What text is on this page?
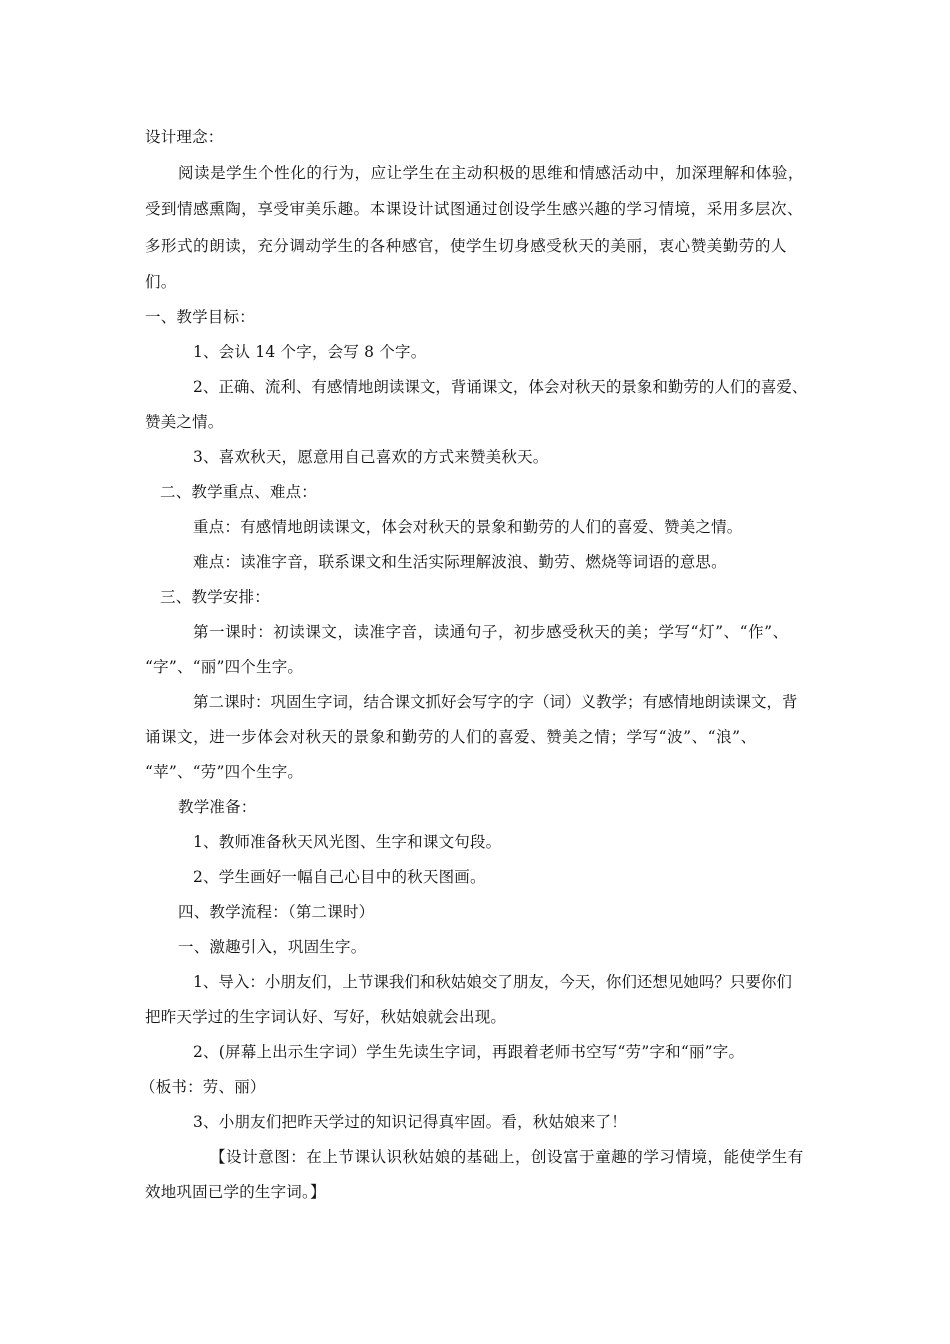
设计理念：
阅读是学生个性化的行为，应让学生在主动积极的思维和情感活动中，加深理解和体验，
受到情感熏陶，享受审美乐趣。本课设计试图通过创设学生感兴趣的学习情境，采用多层次、
多形式的朗读，充分调动学生的各种感官，使学生切身感受秋天的美丽，衷心赞美勤劳的人
们。
一、教学目标：
1、会认 14 个字，会写 8 个字。
2、正确、流利、有感情地朗读课文，背诵课文，体会对秋天的景象和勤劳的人们的喜爱、
赞美之情。
3、喜欢秋天，愿意用自己喜欢的方式来赞美秋天。
二、教学重点、难点：
重点：有感情地朗读课文，体会对秋天的景象和勤劳的人们的喜爱、赞美之情。
难点：读准字音，联系课文和生活实际理解波浪、勤劳、燃烧等词语的意思。
三、教学安排：
第一课时：初读课文，读准字音，读通句子，初步感受秋天的美；学写“灯”、“作”、
“字”、“丽”四个生字。
第二课时：巩固生字词，结合课文抓好会写字的字（词）义教学；有感情地朗读课文，背
诵课文，进一步体会对秋天的景象和勤劳的人们的喜爱、赞美之情；学写“波”、“浪”、
“苹”、“劳”四个生字。
教学准备：
1、教师准备秋天风光图、生字和课文句段。
2、学生画好一幅自己心目中的秋天图画。
四、教学流程：（第二课时）
一、激趣引入，巩固生字。
1、导入：小朋友们，上节课我们和秋姑娘交了朋友，今天，你们还想见她吗？只要你们
把昨天学过的生字词认好、写好，秋姑娘就会出现。
2、(屏幕上出示生字词）学生先读生字词，再跟着老师书空写“劳”字和“丽”字。
（板书：劳、丽）
3、小朋友们把昨天学过的知识记得真牢固。看，秋姑娘来了！
【设计意图：在上节课认识秋姑娘的基础上，创设富于童趣的学习情境，能使学生有
效地巩固已学的生字词。】
